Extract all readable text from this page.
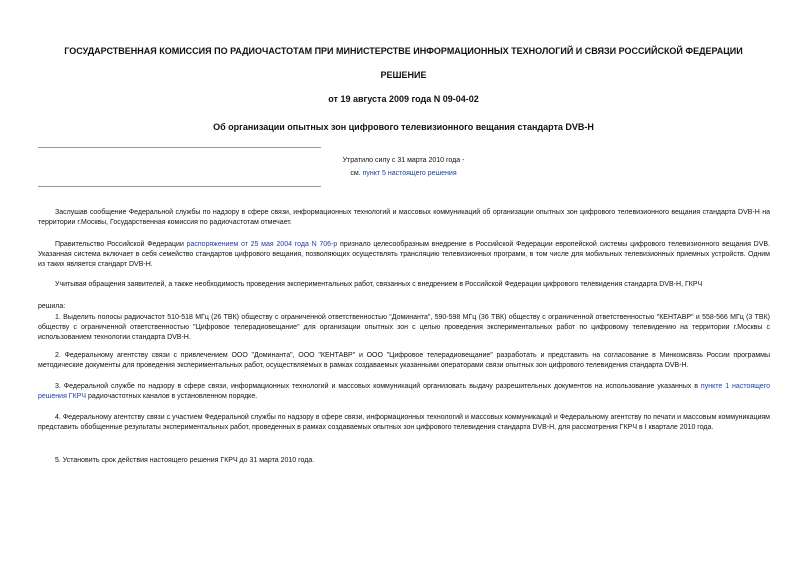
ГОСУДАРСТВЕННАЯ КОМИССИЯ ПО РАДИОЧАСТОТАМ ПРИ МИНИСТЕРСТВЕ ИНФОРМАЦИОННЫХ ТЕХНОЛОГИЙ И СВЯЗИ РОССИЙСКОЙ ФЕДЕРАЦИИ
РЕШЕНИЕ
от 19 августа 2009 года N 09-04-02
Об организации опытных зон цифрового телевизионного вещания стандарта DVB-H
Утратило силу с 31 марта 2010 года -
см. пункт 5 настоящего решения

Заслушав сообщение Федеральной службы по надзору в сфере связи, информационных технологий и массовых коммуникаций об организации опытных зон цифрового телевизионного вещания стандарта DVB-H на территории г.Москвы, Государственная комиссия по радиочастотам отмечает.

Правительство Российской Федерации распоряжением от 25 мая 2004 года N 706-р признало целесообразным внедрение в Российской Федерации европейской системы цифрового телевизионного вещания DVB. Указанная система включает в себя семейство стандартов цифрового вещания, позволяющих осуществлять трансляцию телевизионных программ, в том числе для мобильных телевизионных приемных устройств. Одним из таких является стандарт DVB-H.

Учитывая обращения заявителей, а также необходимость проведения экспериментальных работ, связанных с внедрением в Российской Федерации цифрового телевидения стандарта DVB-H, ГКРЧ

решила:

1. Выделить полосы радиочастот 510-518 МГц (26 ТВК) обществу с ограниченной ответственностью "Доминанта", 590-598 МГц (36 ТВК) обществу с ограниченной ответственностью "КЕНТАВР" и 558-566 МГц (3 ТВК) обществу с ограниченной ответственностью "Цифровое телерадиовещание" для организации опытных зон с целью проведения экспериментальных работ по цифровому телевидению на территории г.Москвы с использованием технологии стандарта DVB-H.

2. Федеральному агентству связи с привлечением ООО "Доминанта", ООО "КЕНТАВР" и ООО "Цифровое телерадиовещание" разработать и представить на согласование в Минкомсвязь России программы методические документы для проведения экспериментальных работ, осуществляемых в рамках создаваемых указанными операторами связи опытных зон цифрового телевидения стандарта DVB-H.

3. Федеральной службе по надзору в сфере связи, информационных технологий и массовых коммуникаций организовать выдачу разрешительных документов на использование указанных в пункте 1 настоящего решения ГКРЧ радиочастотных каналов в установленном порядке.

4. Федеральному агентству связи с участием Федеральной службы по надзору в сфере связи, информационных технологий и массовых коммуникаций и Федеральному агентству по печати и массовым коммуникациям представить обобщенные результаты экспериментальных работ, проведенных в рамках создаваемых опытных зон цифрового телевидения стандарта DVB-H, для рассмотрения ГКРЧ в I квартале 2010 года.

5. Установить срок действия настоящего решения ГКРЧ до 31 марта 2010 года.
